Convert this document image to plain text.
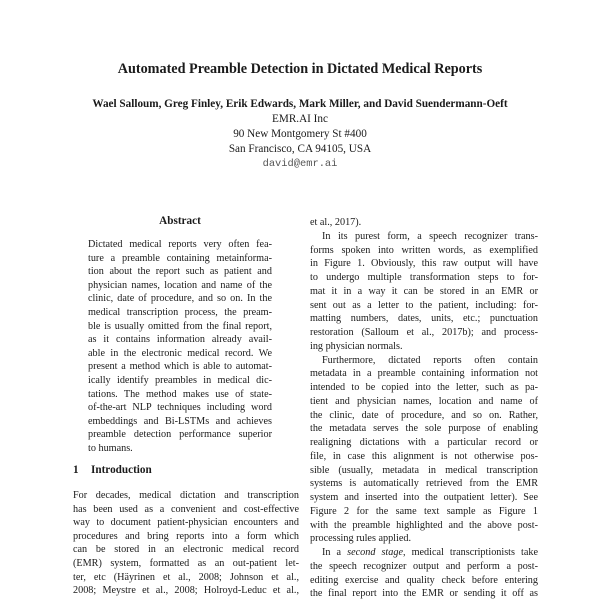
Automated Preamble Detection in Dictated Medical Reports
Wael Salloum, Greg Finley, Erik Edwards, Mark Miller, and David Suendermann-Oeft
EMR.AI Inc
90 New Montgomery St #400
San Francisco, CA 94105, USA
david@emr.ai
Abstract
Dictated medical reports very often fea-
ture a preamble containing metainforma-
tion about the report such as patient and
physician names, location and name of the
clinic, date of procedure, and so on. In the
medical transcription process, the pream-
ble is usually omitted from the final report,
as it contains information already avail-
able in the electronic medical record. We
present a method which is able to automat-
ically identify preambles in medical dic-
tations. The method makes use of state-
of-the-art NLP techniques including word
embeddings and Bi-LSTMs and achieves
preamble detection performance superior
to humans.
1 Introduction
For decades, medical dictation and transcription
has been used as a convenient and cost-effective
way to document patient-physician encounters and
procedures and bring reports into a form which
can be stored in an electronic medical record
(EMR) system, formatted as an out-patient let-
ter, etc (Häyrinen et al., 2008; Johnson et al.,
2008; Meystre et al., 2008; Holroyd-Leduc et al.,
et al., 2017).
In its purest form, a speech recognizer trans-
forms spoken into written words, as exemplified
in Figure 1. Obviously, this raw output will have
to undergo multiple transformation steps to for-
mat it in a way it can be stored in an EMR or
sent out as a letter to the patient, including: for-
matting numbers, dates, units, etc.; punctuation
restoration (Salloum et al., 2017b); and process-
ing physician normals.
Furthermore, dictated reports often contain
metadata in a preamble containing information not
intended to be copied into the letter, such as pa-
tient and physician names, location and name of
the clinic, date of procedure, and so on. Rather,
the metadata serves the sole purpose of enabling
realigning dictations with a particular record or
file, in case this alignment is not otherwise pos-
sible (usually, metadata in medical transcription
systems is automatically retrieved from the EMR
system and inserted into the outpatient letter). See
Figure 2 for the same text sample as Figure 1
with the preamble highlighted and the above post-
processing rules applied.
the speech recognizer output and perform a post-
editing exercise and quality check before entering
the final report into the EMR or sending it off as
In a second stage, medical transcriptionists take
